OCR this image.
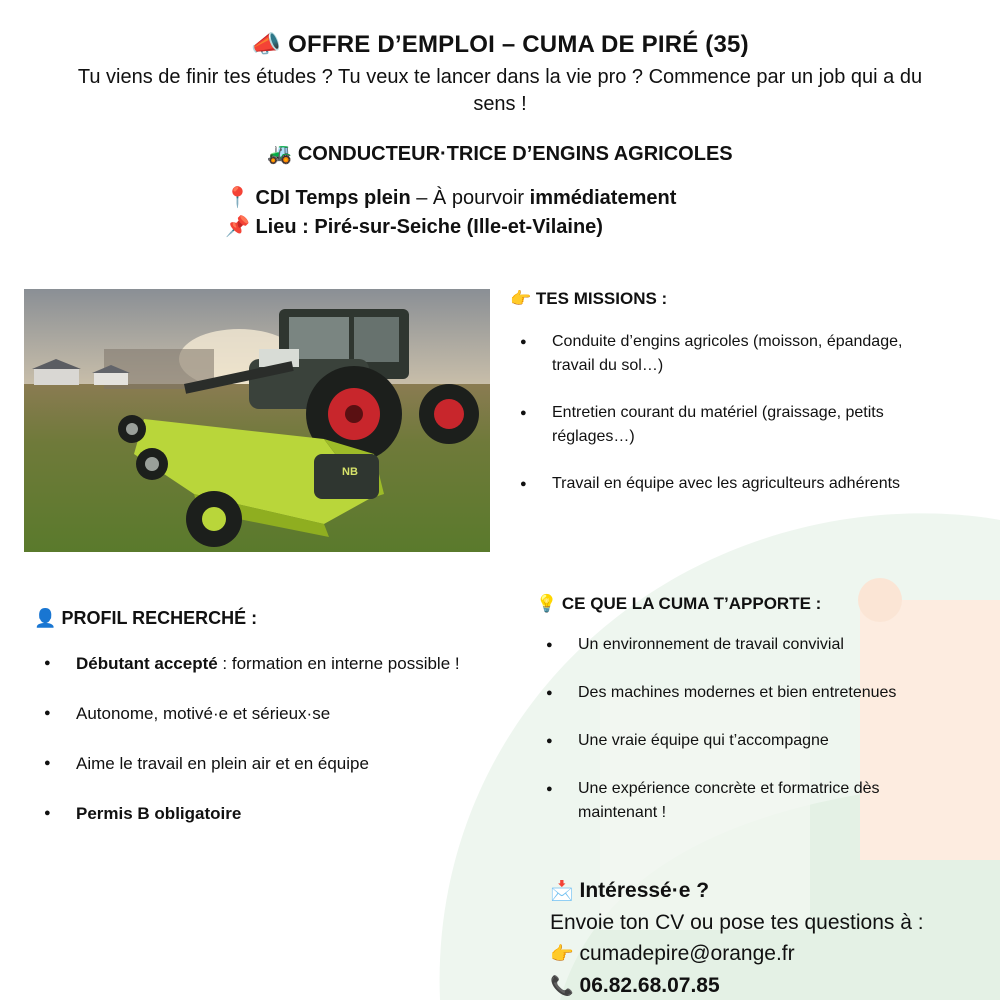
📣 OFFRE D’EMPLOI – CUMA DE PIRÉ (35)
Tu viens de finir tes études ? Tu veux te lancer dans la vie pro ? Commence par un job qui a du sens !
🚜 CONDUCTEUR·TRICE D’ENGINS AGRICOLES
📍 CDI Temps plein – À pourvoir immédiatement
📌 Lieu : Piré-sur-Seiche (Ille-et-Vilaine)
NB
👉 TES MISSIONS :
● Conduite d’engins agricoles (moisson, épandage, travail du sol…)
● Entretien courant du matériel (graissage, petits réglages…)
● Travail en équipe avec les agriculteurs adhérents
👤 PROFIL RECHERCHÉ :
● Débutant accepté : formation en interne possible !
● Autonome, motivé·e et sérieux·se
● Aime le travail en plein air et en équipe
● Permis B obligatoire
💡 CE QUE LA CUMA T’APPORTE :
● Un environnement de travail convivial
● Des machines modernes et bien entretenues
● Une vraie équipe qui t’accompagne
● Une expérience concrète et formatrice dès maintenant !
📩 Intéressé·e ?
Envoie ton CV ou pose tes questions à :
👉 cumadepire@orange.fr
📞 06.82.68.07.85
